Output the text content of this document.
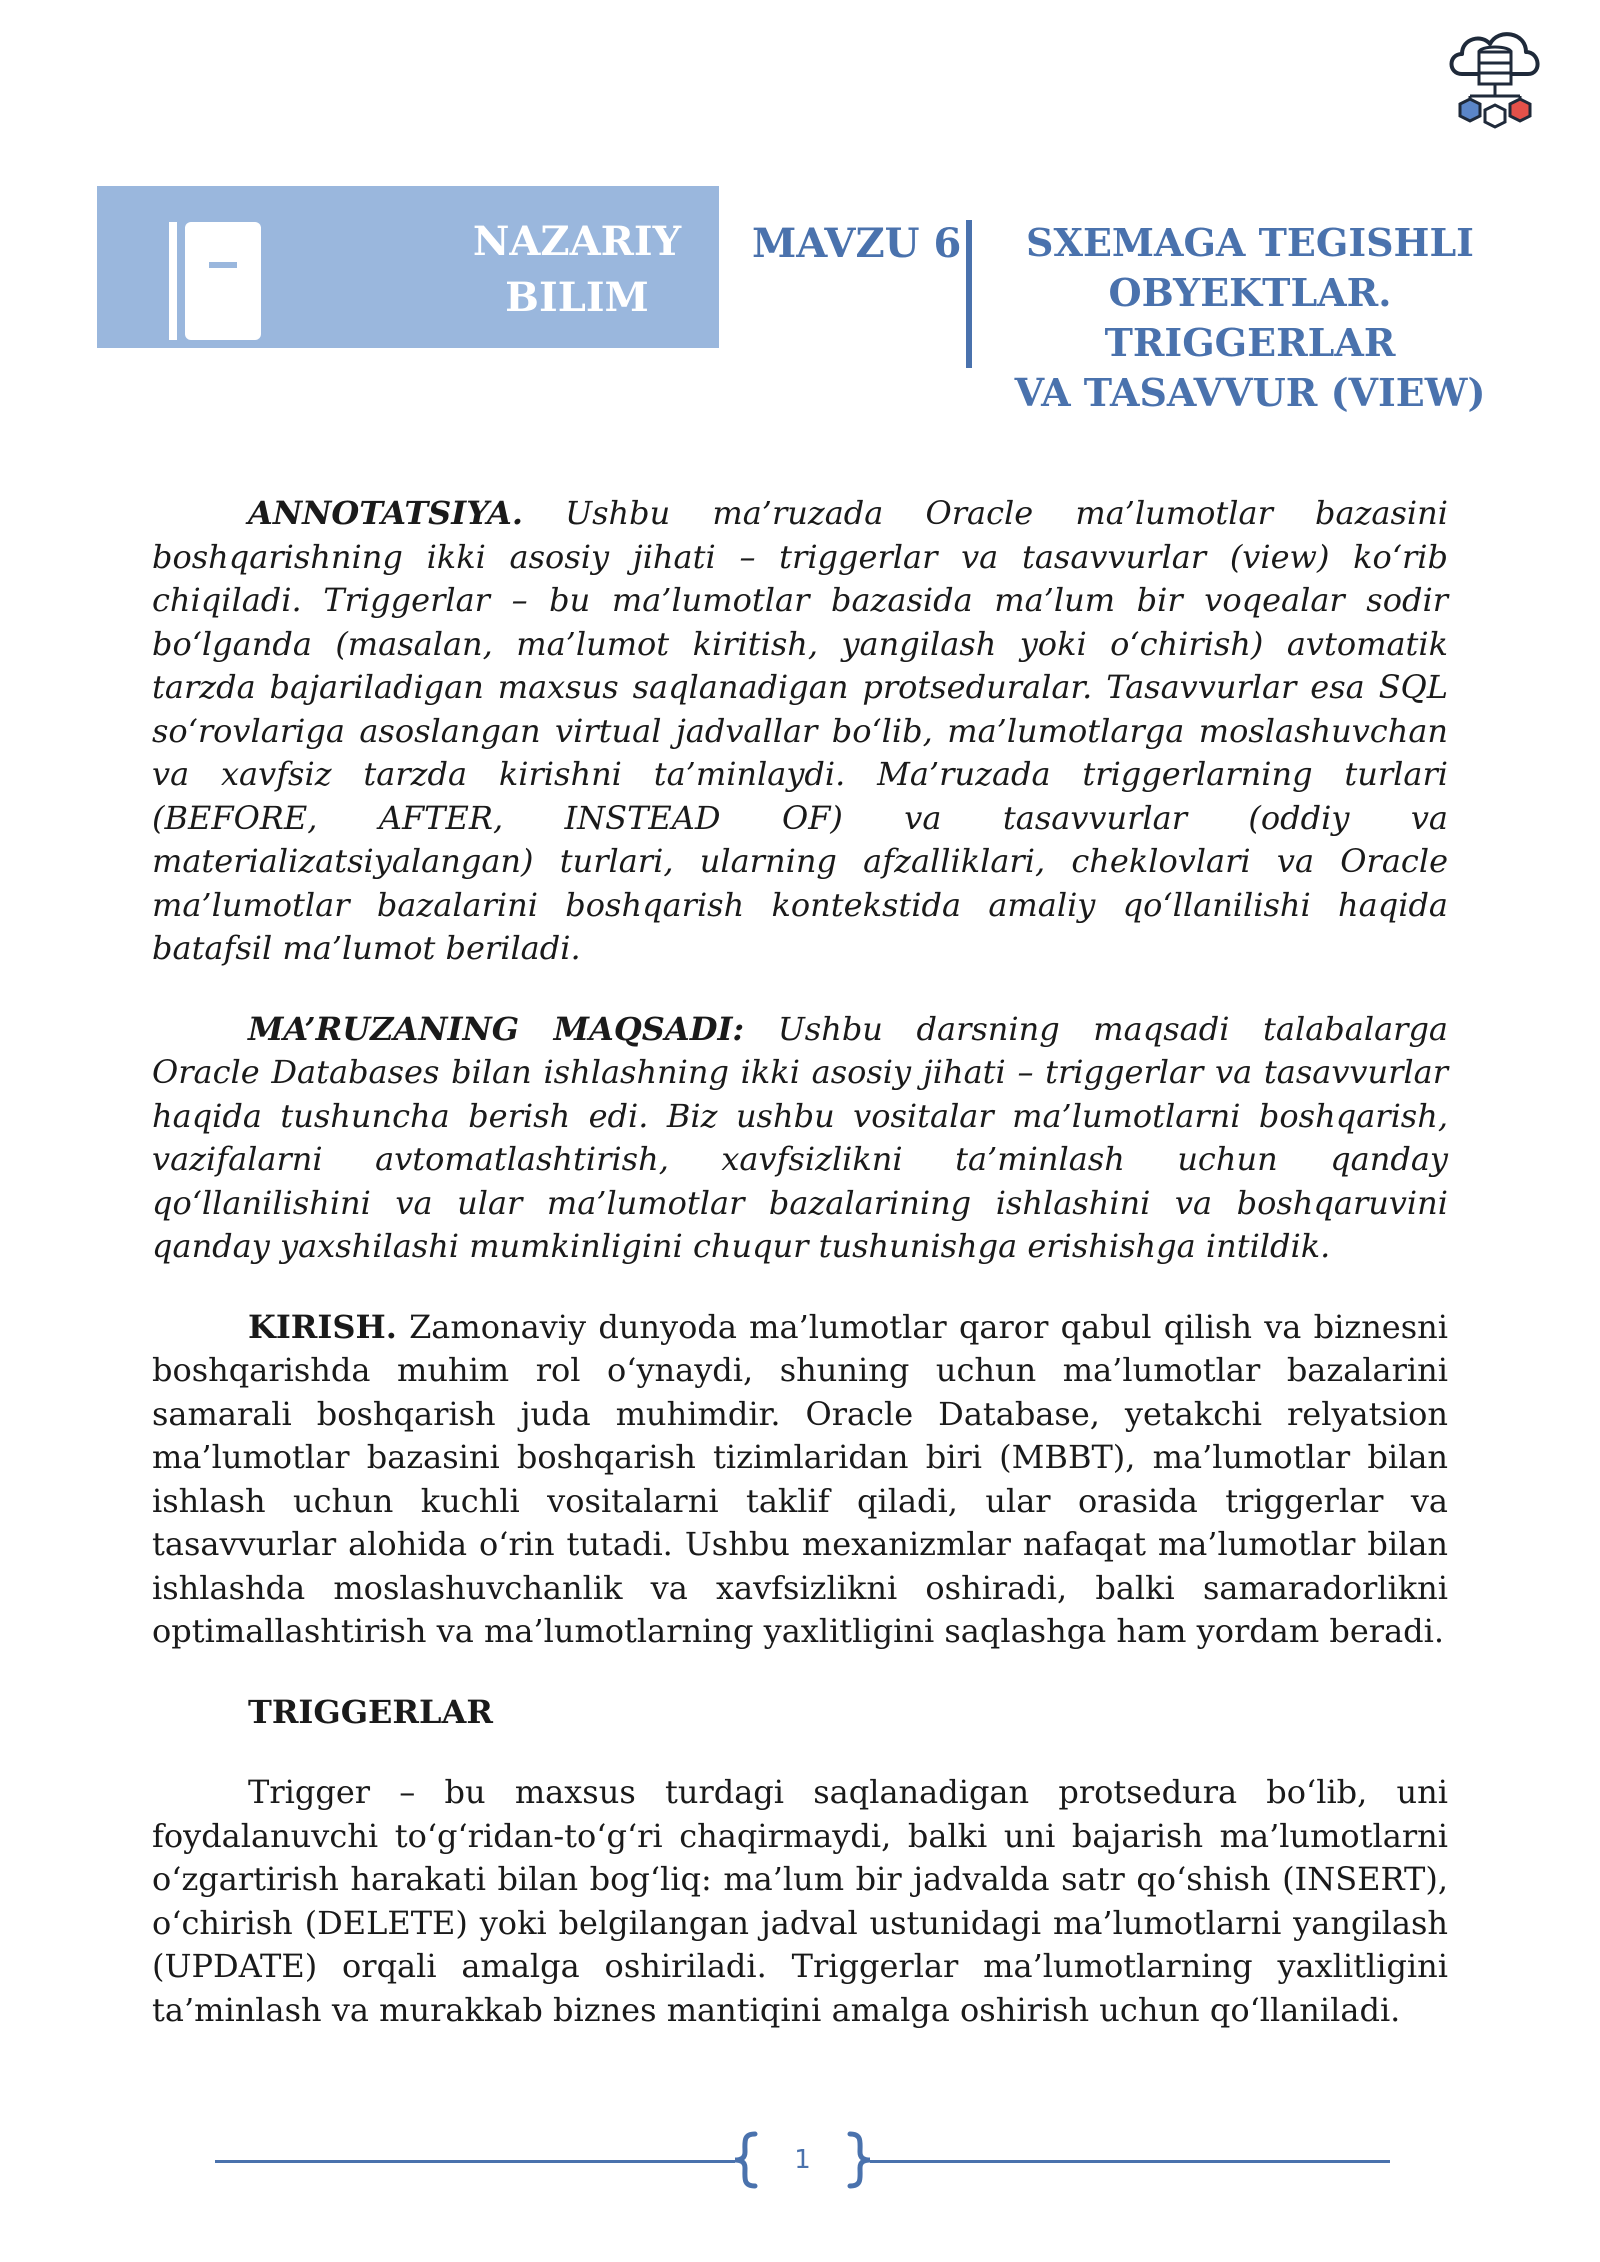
NAZARIY
BILIM
MAVZU 6	SXEMAGA TEGISHLI
OBYEKTLAR. TRIGGERLAR
VA TASAVVUR (VIEW)

ANNOTATSIYA. Ushbu ma’ruzada Oracle ma’lumotlar bazasini boshqarishning ikki asosiy jihati – triggerlar va tasavvurlar (view) ko‘rib chiqiladi. Triggerlar – bu ma’lumotlar bazasida ma’lum bir voqealar sodir bo‘lganda (masalan, ma’lumot kiritish, yangilash yoki o‘chirish) avtomatik tarzda bajariladigan maxsus saqlanadigan protseduralar. Tasavvurlar esa SQL so‘rovlariga asoslangan virtual jadvallar bo‘lib, ma’lumotlarga moslashuvchan va xavfsiz tarzda kirishni ta’minlaydi. Ma’ruzada triggerlarning turlari (BEFORE, AFTER, INSTEAD OF) va tasavvurlar (oddiy va materializatsiyalangan) turlari, ularning afzalliklari, cheklovlari va Oracle ma’lumotlar bazalarini boshqarish kontekstida amaliy qo‘llanilishi haqida batafsil ma’lumot beriladi.

MA’RUZANING MAQSADI: Ushbu darsning maqsadi talabalarga Oracle Databases bilan ishlashning ikki asosiy jihati – triggerlar va tasavvurlar haqida tushuncha berish edi. Biz ushbu vositalar ma’lumotlarni boshqarish, vazifalarni avtomatlashtirish, xavfsizlikni ta’minlash uchun qanday qo‘llanilishini va ular ma’lumotlar bazalarining ishlashini va boshqaruvini qanday yaxshilashi mumkinligini chuqur tushunishga erishishga intildik.

KIRISH. Zamonaviy dunyoda ma’lumotlar qaror qabul qilish va biznesni boshqarishda muhim rol o‘ynaydi, shuning uchun ma’lumotlar bazalarini samarali boshqarish juda muhimdir. Oracle Database, yetakchi relyatsion ma’lumotlar bazasini boshqarish tizimlaridan biri (MBBT), ma’lumotlar bilan ishlash uchun kuchli vositalarni taklif qiladi, ular orasida triggerlar va tasavvurlar alohida o‘rin tutadi. Ushbu mexanizmlar nafaqat ma’lumotlar bilan ishlashda moslashuvchanlik va xavfsizlikni oshiradi, balki samaradorlikni optimallashtirish va ma’lumotlarning yaxlitligini saqlashga ham yordam beradi.

TRIGGERLAR

Trigger – bu maxsus turdagi saqlanadigan protsedura bo‘lib, uni foydalanuvchi to‘g‘ridan-to‘g‘ri chaqirmaydi, balki uni bajarish ma’lumotlarni o‘zgartirish harakati bilan bog‘liq: ma’lum bir jadvalda satr qo‘shish (INSERT), o‘chirish (DELETE) yoki belgilangan jadval ustunidagi ma’lumotlarni yangilash (UPDATE) orqali amalga oshiriladi. Triggerlar ma’lumotlarning yaxlitligini ta’minlash va murakkab biznes mantiqini amalga oshirish uchun qo‘llaniladi.

1
